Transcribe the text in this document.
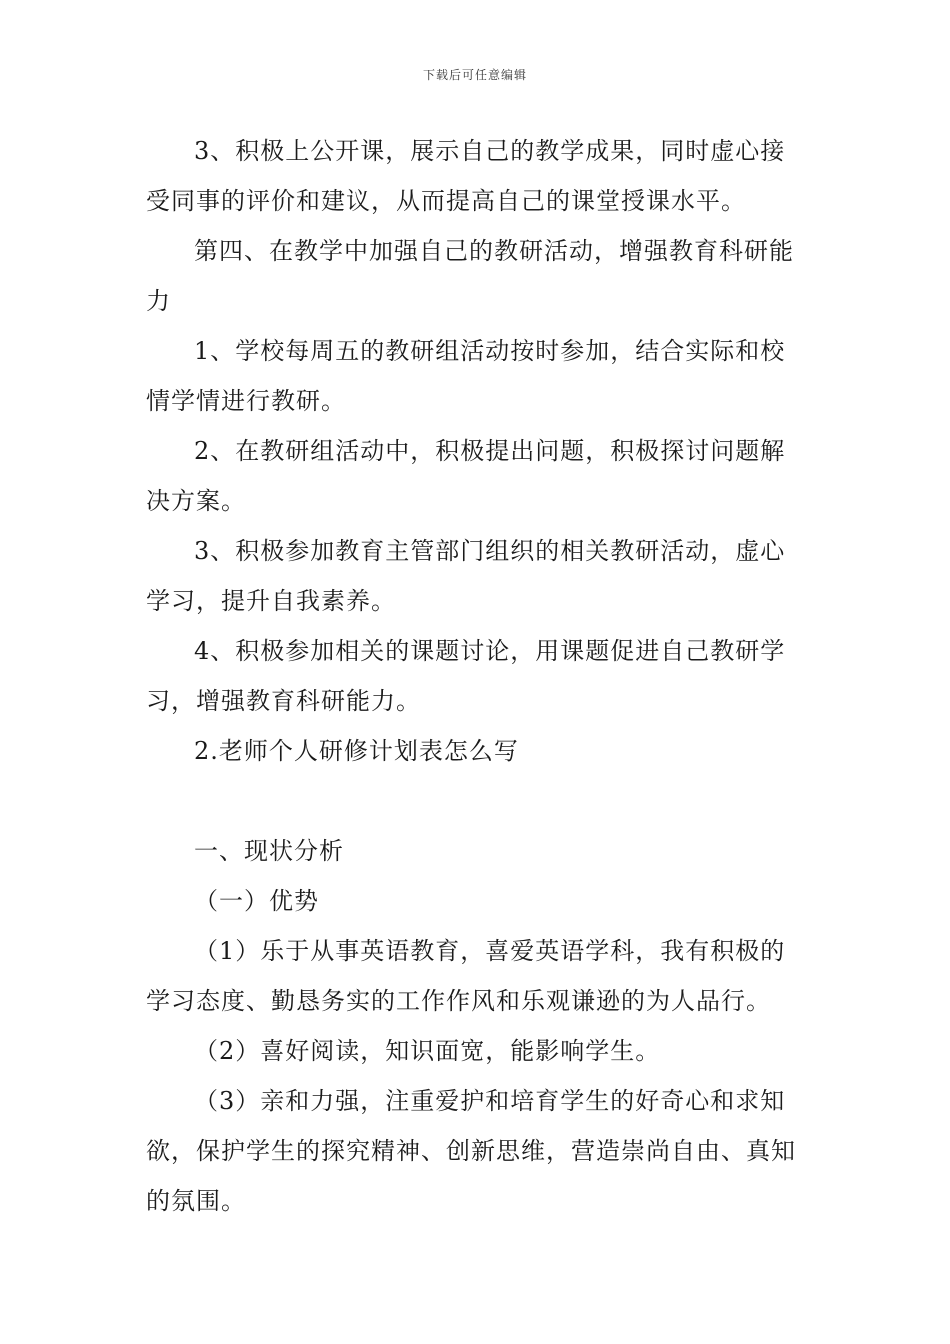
下载后可任意编辑

3、积极上公开课，展示自己的教学成果，同时虚心接受同事的评价和建议，从而提高自己的课堂授课水平。

第四、在教学中加强自己的教研活动，增强教育科研能力

1、学校每周五的教研组活动按时参加，结合实际和校情学情进行教研。

2、在教研组活动中，积极提出问题，积极探讨问题解决方案。

3、积极参加教育主管部门组织的相关教研活动，虚心学习，提升自我素养。

4、积极参加相关的课题讨论，用课题促进自己教研学习，增强教育科研能力。

2.老师个人研修计划表怎么写

一、现状分析

（一）优势

（1）乐于从事英语教育，喜爱英语学科，我有积极的学习态度、勤恳务实的工作作风和乐观谦逊的为人品行。

（2）喜好阅读，知识面宽，能影响学生。

（3）亲和力强，注重爱护和培育学生的好奇心和求知欲，保护学生的探究精神、创新思维，营造崇尚自由、真知的氛围。
